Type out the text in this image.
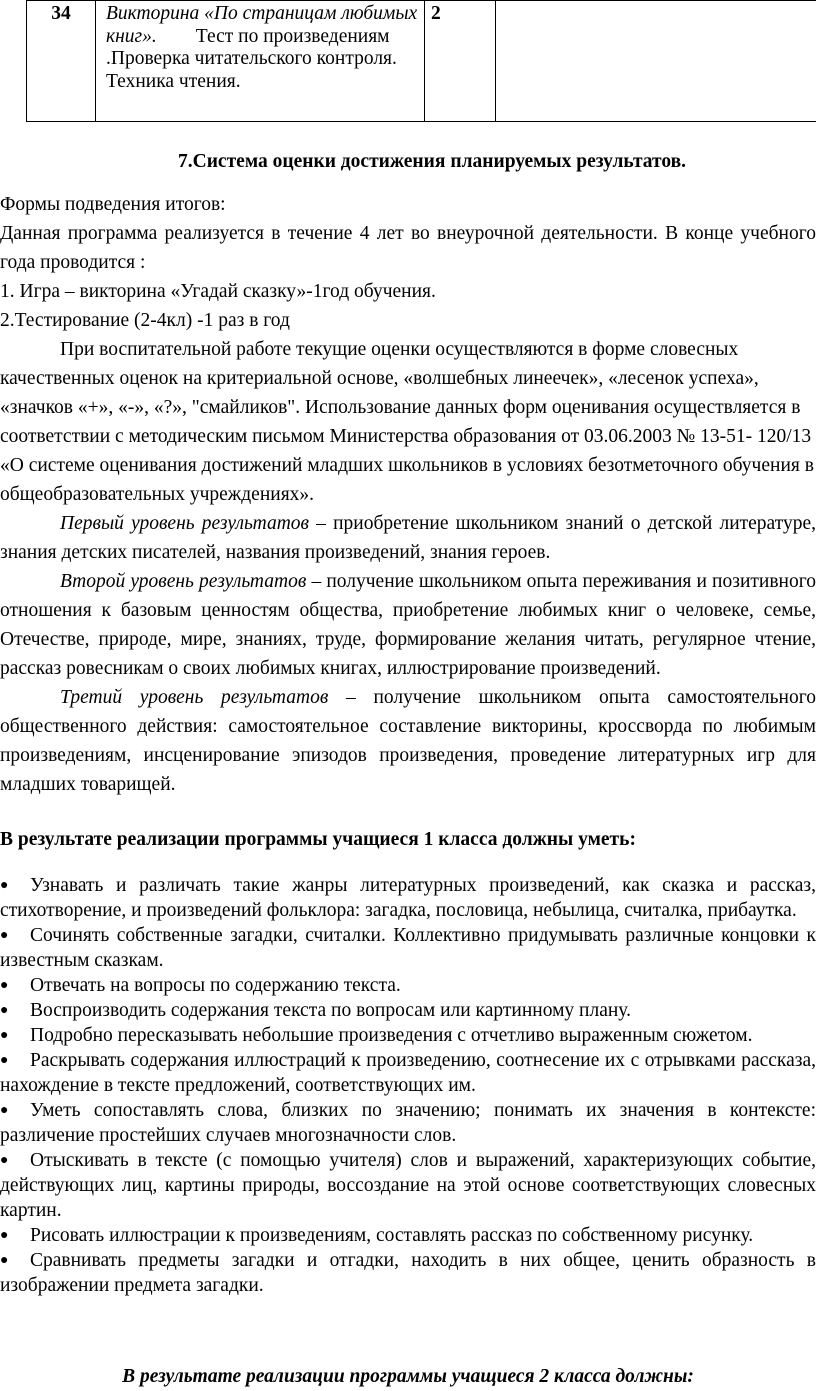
34	Викторина «По страницам любимых книг». Тест по произведениям .Проверка читательского контроля. Техника чтения.	2	
7.Система оценки достижения планируемых результатов.

Формы подведения итогов:

Данная программа реализуется в течение 4 лет во внеурочной деятельности. В конце учебного года проводится :

1. Игра – викторина «Угадай сказку»-1год обучения.

2.Тестирование (2-4кл) -1 раз в год

При воспитательной работе текущие оценки осуществляются в форме словесных качественных оценок на критериальной основе, «волшебных линеечек», «лесенок успеха», «значков «+», «-», «?», "смайликов". Использование данных форм оценивания осуществляется в соответствии с методическим письмом Министерства образования от 03.06.2003 № 13-51- 120/13 «О системе оценивания достижений младших школьников в условиях безотметочного обучения в общеобразовательных учреждениях».

Первый уровень результатов – приобретение школьником знаний о детской литературе, знания детских писателей, названия произведений, знания героев.

Второй уровень результатов – получение школьником опыта переживания и позитивного отношения к базовым ценностям общества, приобретение любимых книг о человеке, семье, Отечестве, природе, мире, знаниях, труде, формирование желания читать, регулярное чтение, рассказ ровесникам о своих любимых книгах, иллюстрирование произведений.

Третий уровень результатов – получение школьником опыта самостоятельного общественного действия: самостоятельное составление викторины, кроссворда по любимым произведениям, инсценирование эпизодов произведения, проведение литературных игр для младших товарищей.

В результате реализации программы учащиеся 1 класса должны уметь:
● Узнавать и различать такие жанры литературных произведений, как сказка и рассказ, стихотворение, и произведений фольклора: загадка, пословица, небылица, считалка, прибаутка.
● Сочинять собственные загадки, считалки. Коллективно придумывать различные концовки к известным сказкам.
● Отвечать на вопросы по содержанию текста.
● Воспроизводить содержания текста по вопросам или картинному плану.
● Подробно пересказывать небольшие произведения с отчетливо выраженным сюжетом.
● Раскрывать содержания иллюстраций к произведению, соотнесение их с отрывками рассказа, нахождение в тексте предложений, соответствующих им.
● Уметь сопоставлять слова, близких по значению; понимать их значения в контексте: различение простейших случаев многозначности слов.
● Отыскивать в тексте (с помощью учителя) слов и выражений, характеризующих событие, действующих лиц, картины природы, воссоздание на этой основе соответствующих словесных картин.
● Рисовать иллюстрации к произведениям, составлять рассказ по собственному рисунку.
● Сравнивать предметы загадки и отгадки, находить в них общее, ценить образность в изображении предмета загадки.
В результате реализации программы учащиеся 2 класса должны:
